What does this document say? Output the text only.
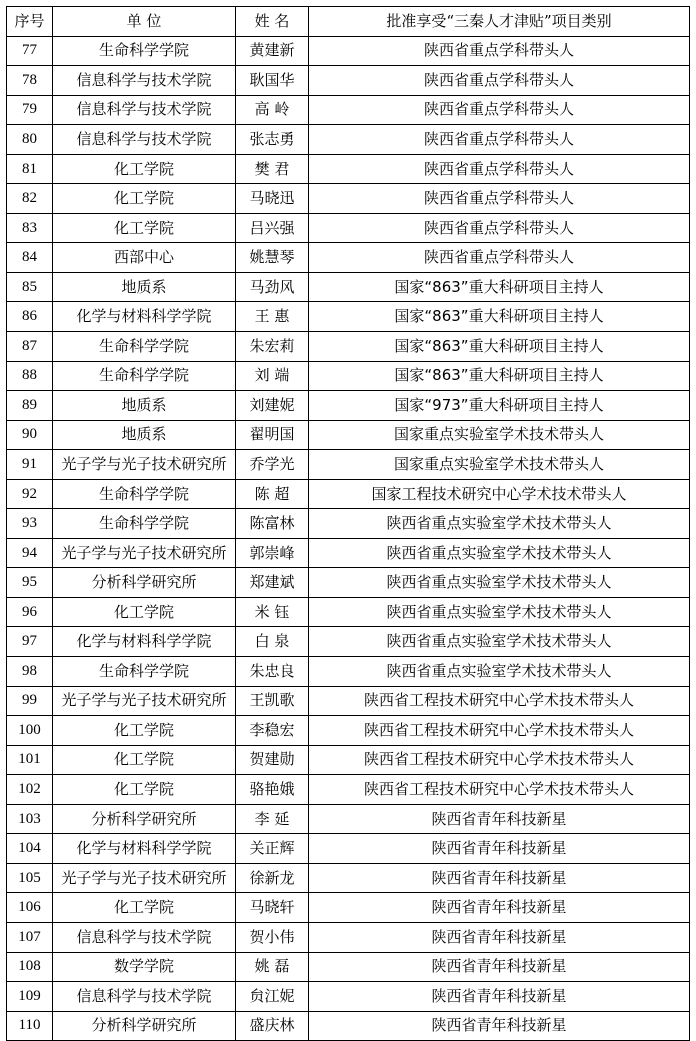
序号	单 位	姓 名	批准享受“三秦人才津贴”项目类别
77	生命科学学院	黄建新	陕西省重点学科带头人
78	信息科学与技术学院	耿国华	陕西省重点学科带头人
79	信息科学与技术学院	高 岭	陕西省重点学科带头人
80	信息科学与技术学院	张志勇	陕西省重点学科带头人
81	化工学院	樊 君	陕西省重点学科带头人
82	化工学院	马晓迅	陕西省重点学科带头人
83	化工学院	吕兴强	陕西省重点学科带头人
84	西部中心	姚慧琴	陕西省重点学科带头人
85	地质系	马劲风	国家“863”重大科研项目主持人
86	化学与材料科学学院	王 惠	国家“863”重大科研项目主持人
87	生命科学学院	朱宏莉	国家“863”重大科研项目主持人
88	生命科学学院	刘 端	国家“863”重大科研项目主持人
89	地质系	刘建妮	国家“973”重大科研项目主持人
90	地质系	翟明国	国家重点实验室学术技术带头人
91	光子学与光子技术研究所	乔学光	国家重点实验室学术技术带头人
92	生命科学学院	陈 超	国家工程技术研究中心学术技术带头人
93	生命科学学院	陈富林	陕西省重点实验室学术技术带头人
94	光子学与光子技术研究所	郭崇峰	陕西省重点实验室学术技术带头人
95	分析科学研究所	郑建斌	陕西省重点实验室学术技术带头人
96	化工学院	米 钰	陕西省重点实验室学术技术带头人
97	化学与材料科学学院	白 泉	陕西省重点实验室学术技术带头人
98	生命科学学院	朱忠良	陕西省重点实验室学术技术带头人
99	光子学与光子技术研究所	王凯歌	陕西省工程技术研究中心学术技术带头人
100	化工学院	李稳宏	陕西省工程技术研究中心学术技术带头人
101	化工学院	贺建勋	陕西省工程技术研究中心学术技术带头人
102	化工学院	骆艳娥	陕西省工程技术研究中心学术技术带头人
103	分析科学研究所	李 延	陕西省青年科技新星
104	化学与材料科学学院	关正辉	陕西省青年科技新星
105	光子学与光子技术研究所	徐新龙	陕西省青年科技新星
106	化工学院	马晓轩	陕西省青年科技新星
107	信息科学与技术学院	贺小伟	陕西省青年科技新星
108	数学学院	姚 磊	陕西省青年科技新星
109	信息科学与技术学院	贠江妮	陕西省青年科技新星
110	分析科学研究所	盛庆林	陕西省青年科技新星
